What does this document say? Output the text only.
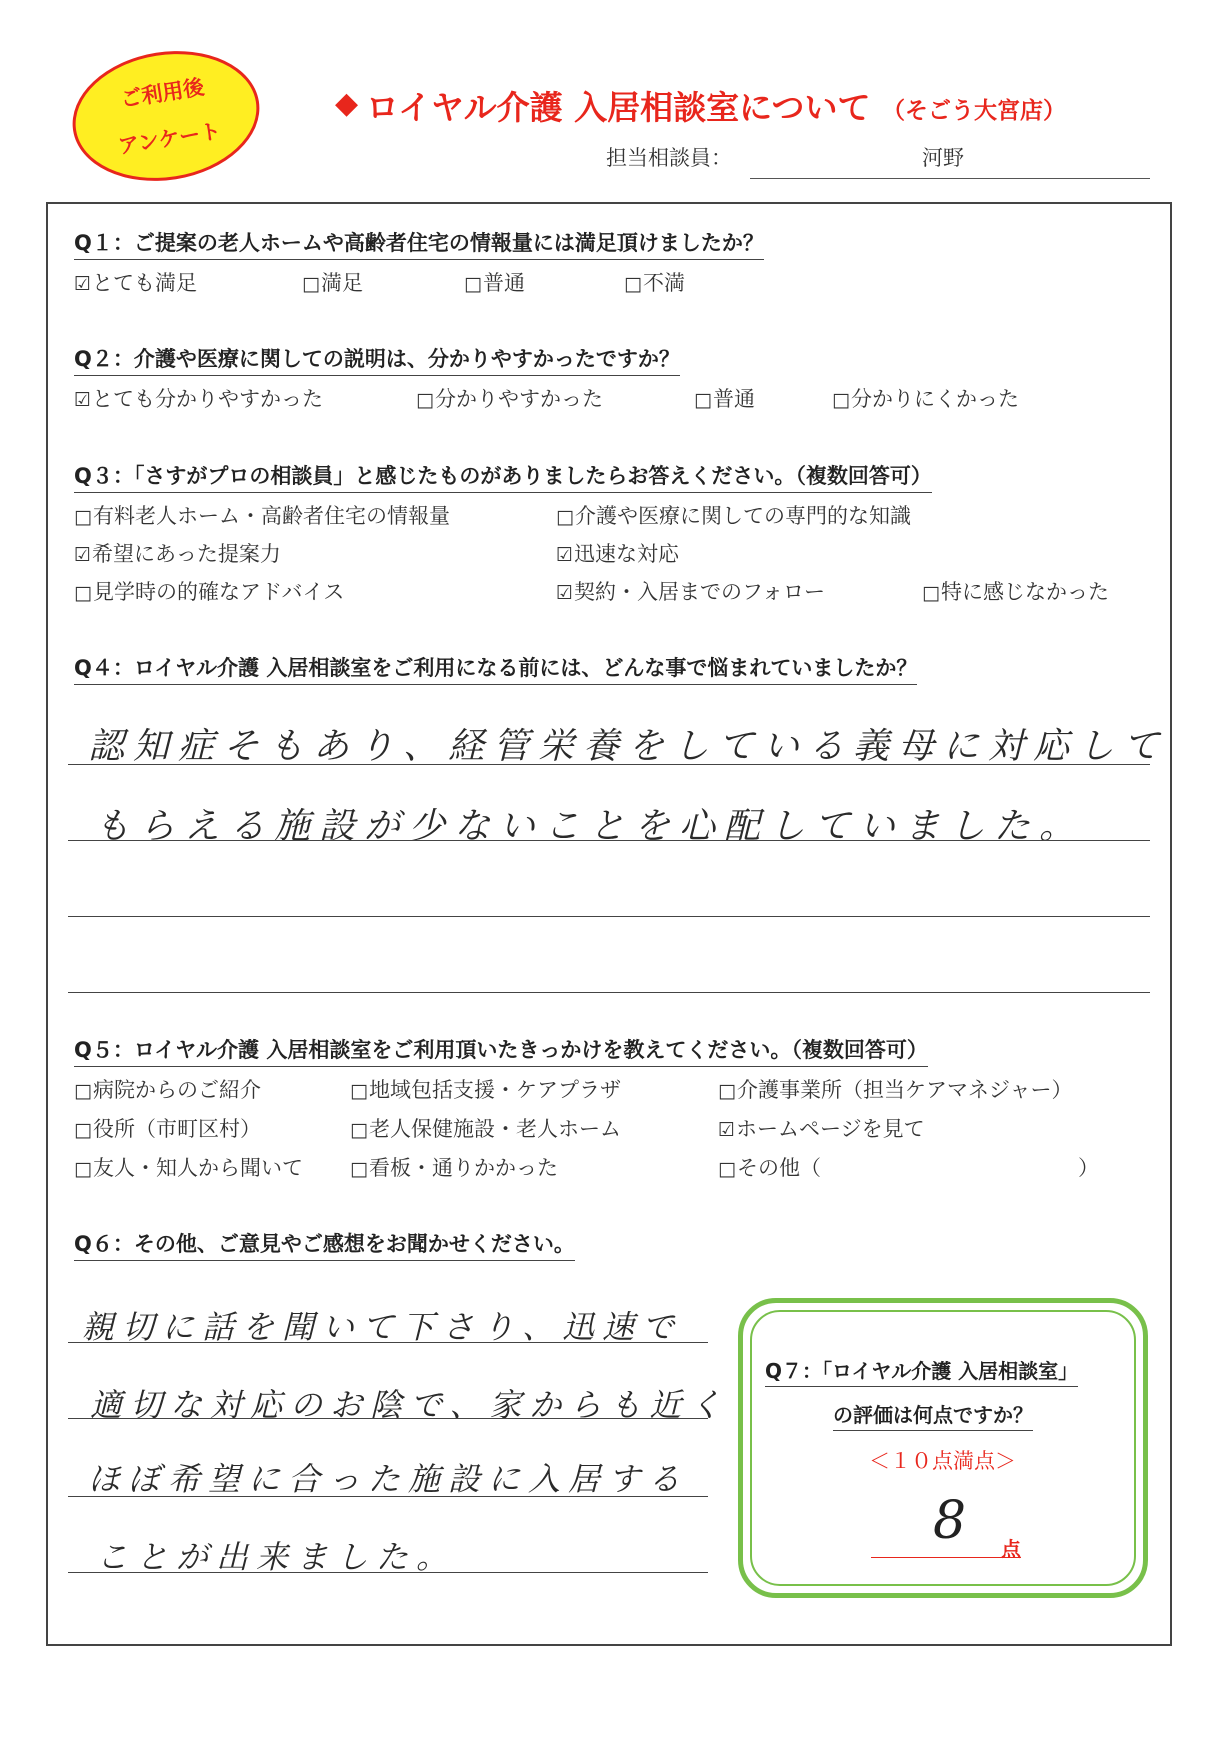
ご利用後
アンケート
◆ ロイヤル介護 入居相談室について （そごう大宮店）
担当相談員：	河野
Q１：ご提案の老人ホームや高齢者住宅の情報量には満足頂けましたか？
☑とても満足	□満足	□普通	□不満
Q２：介護や医療に関しての説明は、分かりやすかったですか？
☑とても分かりやすかった	□分かりやすかった	□普通	□分かりにくかった
Q３：「さすがプロの相談員」と感じたものがありましたらお答えください。（複数回答可）
□有料老人ホーム・高齢者住宅の情報量	□介護や医療に関しての専門的な知識
☑希望にあった提案力	☑迅速な対応
□見学時の的確なアドバイス	☑契約・入居までのフォロー	□特に感じなかった
Q４：ロイヤル介護 入居相談室をご利用になる前には、どんな事で悩まれていましたか？
認知症そもあり、経管栄養をしている義母に対応して
もらえる施設が少ないことを心配していました。
Q５：ロイヤル介護 入居相談室をご利用頂いたきっかけを教えてください。（複数回答可）
□病院からのご紹介	□地域包括支援・ケアプラザ	□介護事業所（担当ケアマネジャー）
□役所（市町区村）	□老人保健施設・老人ホーム	☑ホームページを見て
□友人・知人から聞いて □看板・通りかかった	□その他（	）
Q６：その他、ご意見やご感想をお聞かせください。
親切に話を聞いて下さり、迅速で
適切な対応のお陰で、家からも近く
ほぼ希望に合った施設に入居する
ことが出来ました。
Q７：「ロイヤル介護 入居相談室」
の評価は何点ですか？
＜１０点満点＞
8 点
